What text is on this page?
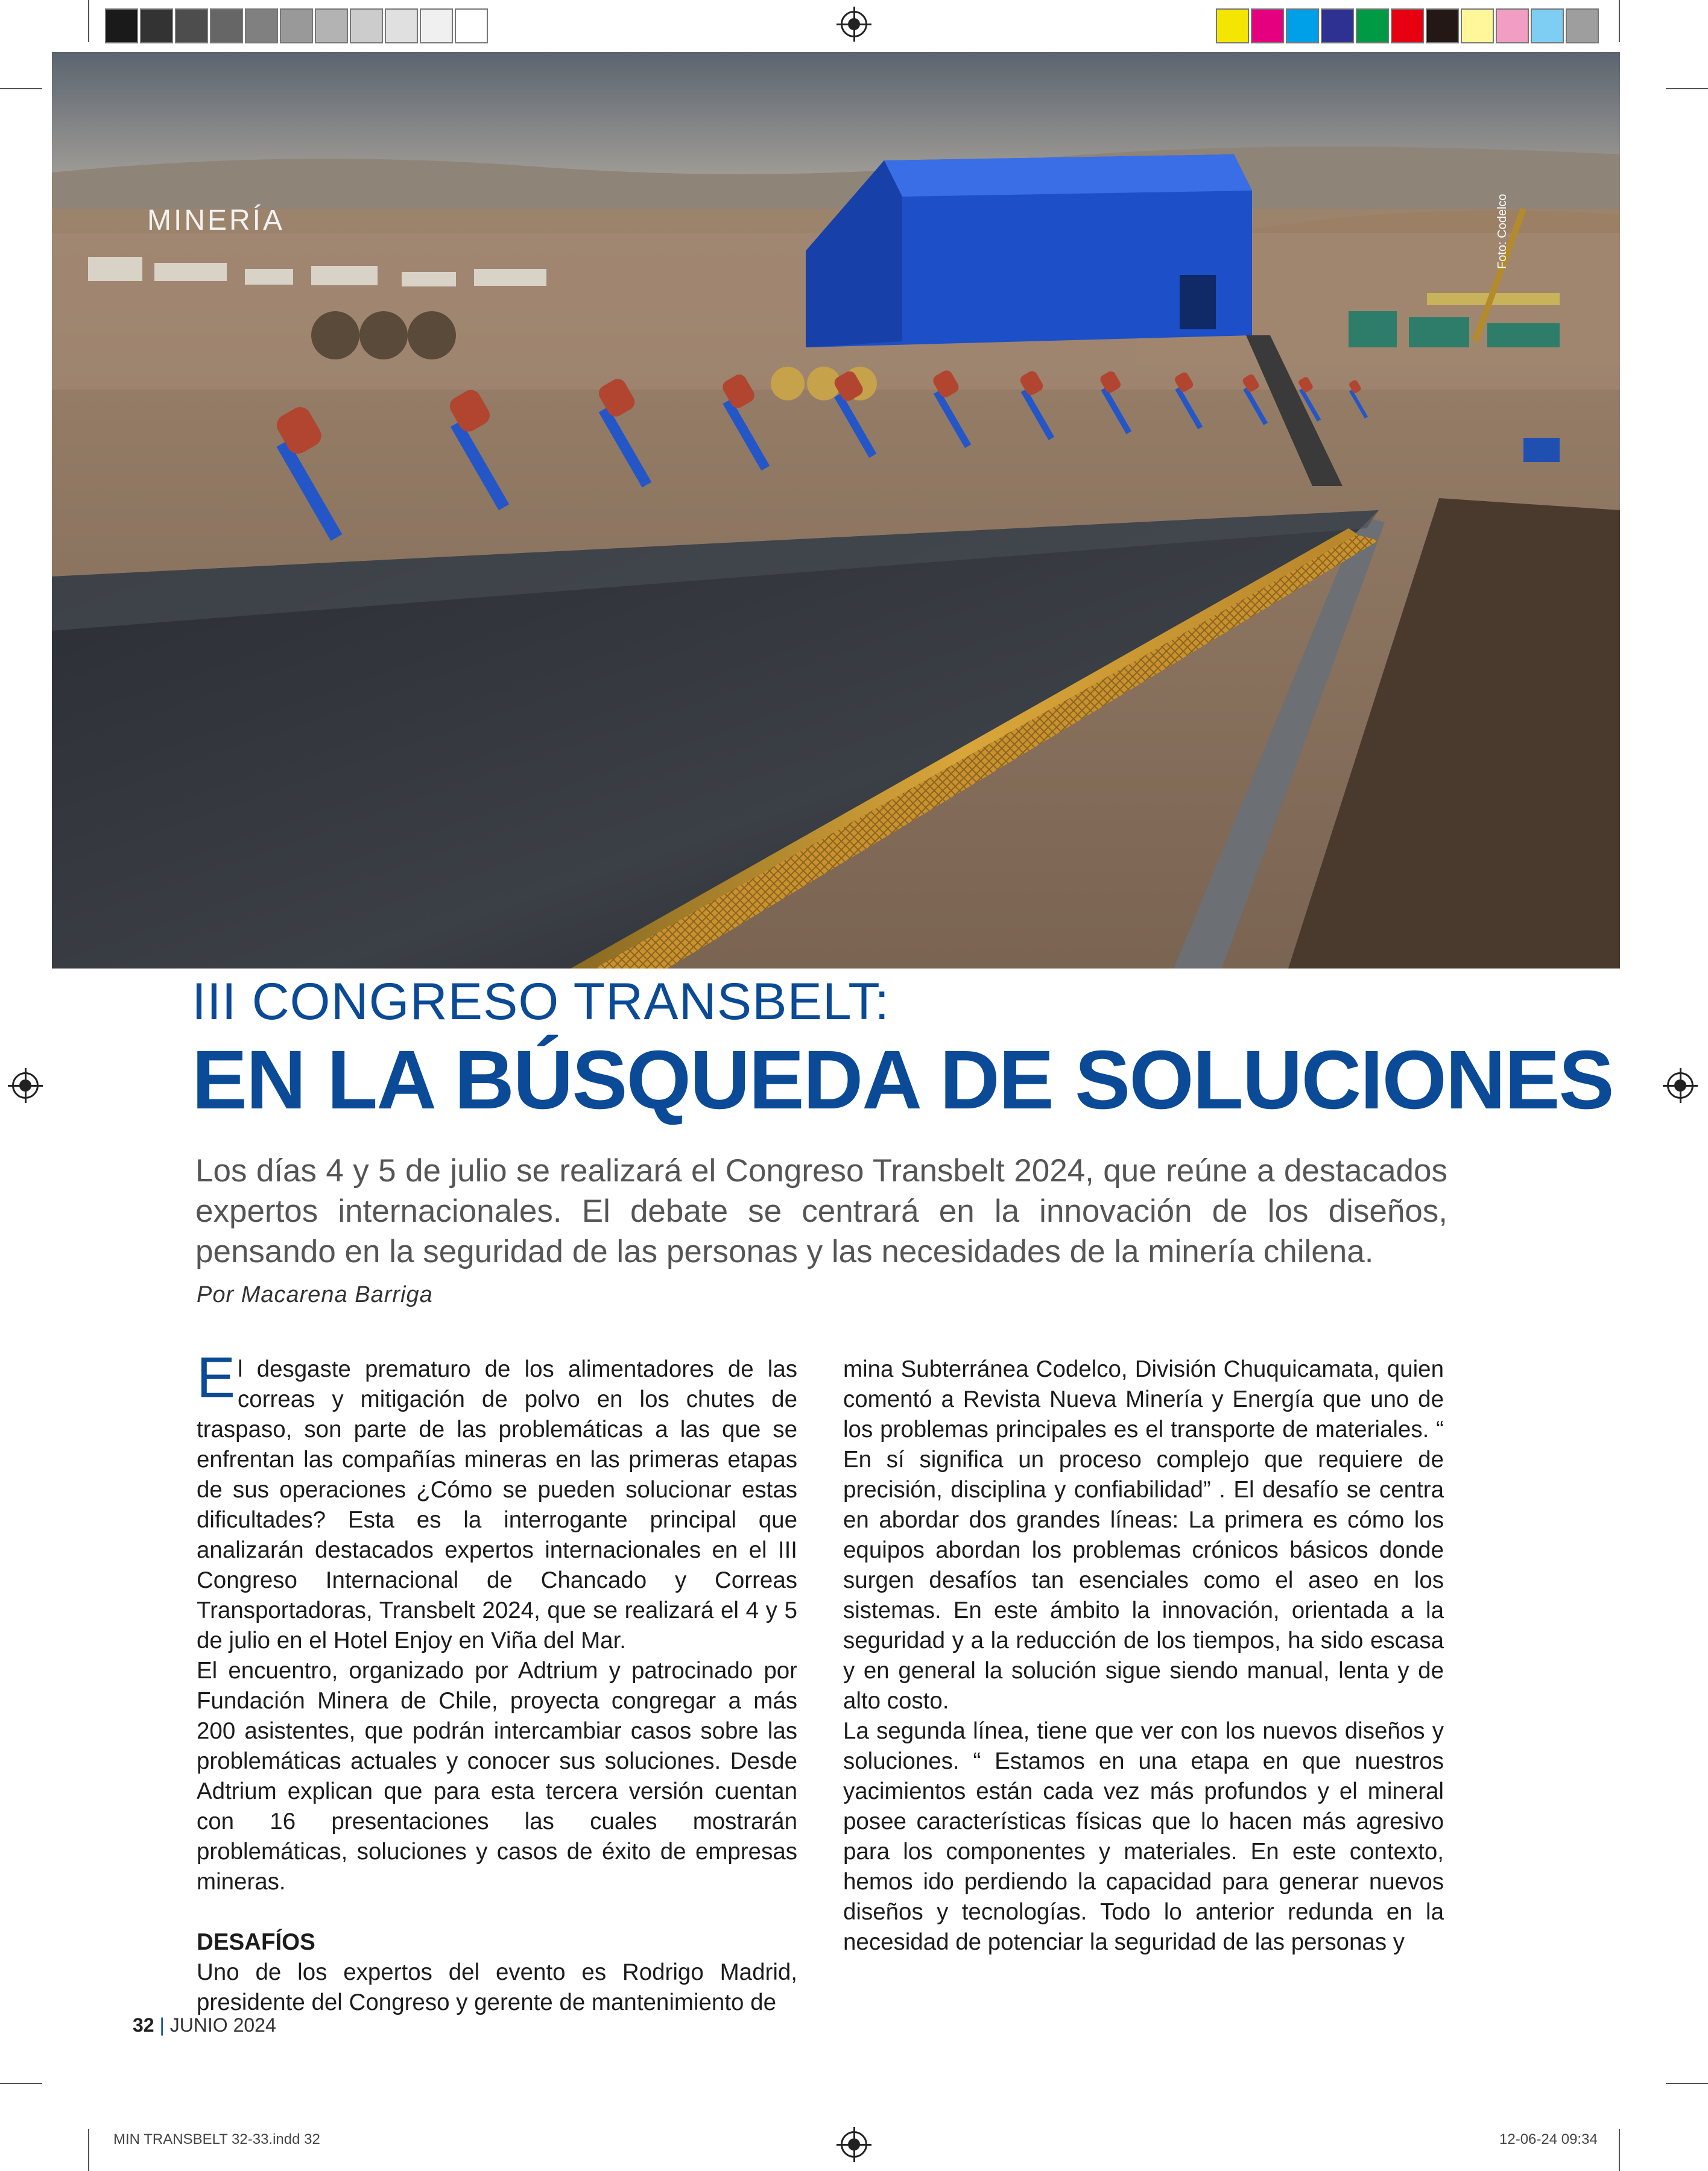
MINERÍA	Foto: Codelco
III CONGRESO TRANSBELT:
EN LA BÚSQUEDA DE SOLUCIONES

Los días 4 y 5 de julio se realizará el Congreso Transbelt 2024, que reúne a destacados expertos internacionales. El debate se centrará en la innovación de los diseños, pensando en la seguridad de las personas y las necesidades de la minería chilena.

Por Macarena Barriga

El desgaste prematuro de los alimentadores de las correas y mitigación de polvo en los chutes de traspaso, son parte de las problemáticas a las que se enfrentan las compañías mineras en las primeras etapas de sus operaciones ¿Cómo se pueden solucionar estas dificultades? Esta es la interrogante principal que analizarán destacados expertos internacionales en el III Congreso Internacional de Chancado y Correas Transportadoras, Transbelt 2024, que se realizará el 4 y 5 de julio en el Hotel Enjoy en Viña del Mar.

El encuentro, organizado por Adtrium y patrocinado por Fundación Minera de Chile, proyecta congregar a más 200 asistentes, que podrán intercambiar casos sobre las problemáticas actuales y conocer sus soluciones. Desde Adtrium explican que para esta tercera versión cuentan con 16 presentaciones las cuales mostrarán problemáticas, soluciones y casos de éxito de empresas mineras.

DESAFÍOS

Uno de los expertos del evento es Rodrigo Madrid, presidente del Congreso y gerente de mantenimiento de

mina Subterránea Codelco, División Chuquicamata, quien comentó a Revista Nueva Minería y Energía que uno de los problemas principales es el transporte de materiales. “ En sí significa un proceso complejo que requiere de precisión, disciplina y confiabilidad” . El desafío se centra en abordar dos grandes líneas: La primera es cómo los equipos abordan los problemas crónicos básicos donde surgen desafíos tan esenciales como el aseo en los sistemas. En este ámbito la innovación, orientada a la seguridad y a la reducción de los tiempos, ha sido escasa y en general la solución sigue siendo manual, lenta y de alto costo.

La segunda línea, tiene que ver con los nuevos diseños y soluciones. “ Estamos en una etapa en que nuestros yacimientos están cada vez más profundos y el mineral posee características físicas que lo hacen más agresivo para los componentes y materiales. En este contexto, hemos ido perdiendo la capacidad para generar nuevos diseños y tecnologías. Todo lo anterior redunda en la necesidad de potenciar la seguridad de las personas y

32 | JUNIO 2024
MIN TRANSBELT 32-33.indd 32	12-06-24 09:34
